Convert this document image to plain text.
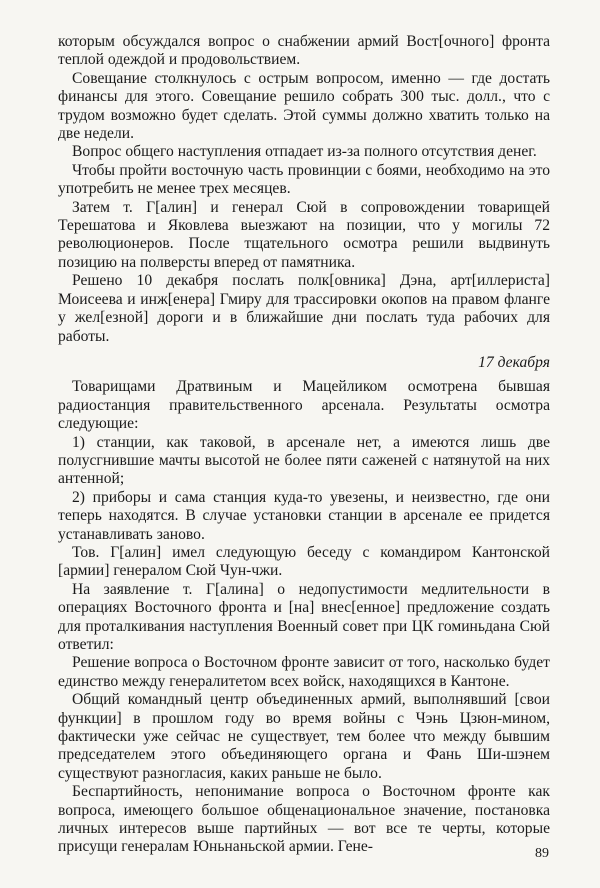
которым обсуждался вопрос о снабжении армий Вост[очного] фронта теплой одеждой и продовольствием.

Совещание столкнулось с острым вопросом, именно — где достать финансы для этого. Совещание решило собрать 300 тыс. долл., что с трудом возможно будет сделать. Этой суммы должно хватить только на две недели.

Вопрос общего наступления отпадает из-за полного отсутствия денег.

Чтобы пройти восточную часть провинции с боями, необходимо на это употребить не менее трех месяцев.

Затем т. Г[алин] и генерал Сюй в сопровождении товарищей Терешатова и Яковлева выезжают на позиции, что у могилы 72 революционеров. После тщательного осмотра решили выдвинуть позицию на полверсты вперед от памятника.

Решено 10 декабря послать полк[овника] Дэна, арт[иллериста] Моисеева и инж[енера] Гмиру для трассировки окопов на правом фланге у жел[езной] дороги и в ближайшие дни послать туда рабочих для работы.

17 декабря

Товарищами Дратвиным и Мацейликом осмотрена бывшая радиостанция правительственного арсенала. Результаты осмотра следующие:

1) станции, как таковой, в арсенале нет, а имеются лишь две полусгнившие мачты высотой не более пяти саженей с натянутой на них антенной;

2) приборы и сама станция куда-то увезены, и неизвестно, где они теперь находятся. В случае установки станции в арсенале ее придется устанавливать заново.

Тов. Г[алин] имел следующую беседу с командиром Кантонской [армии] генералом Сюй Чун-чжи.

На заявление т. Г[алина] о недопустимости медлительности в операциях Восточного фронта и [на] внес[енное] предложение создать для проталкивания наступления Военный совет при ЦК гоминьдана Сюй ответил:

Решение вопроса о Восточном фронте зависит от того, насколько будет единство между генералитетом всех войск, находящихся в Кантоне.

Общий командный центр объединенных армий, выполнявший [свои функции] в прошлом году во время войны с Чэнь Цзюн-мином, фактически уже сейчас не существует, тем более что между бывшим председателем этого объединяющего органа и Фань Ши-шэнем существуют разногласия, каких раньше не было.

Беспартийность, непонимание вопроса о Восточном фронте как вопроса, имеющего большое общенациональное значение, постановка личных интересов выше партийных — вот все те черты, которые присущи генералам Юньнаньской армии. Гене-	89
